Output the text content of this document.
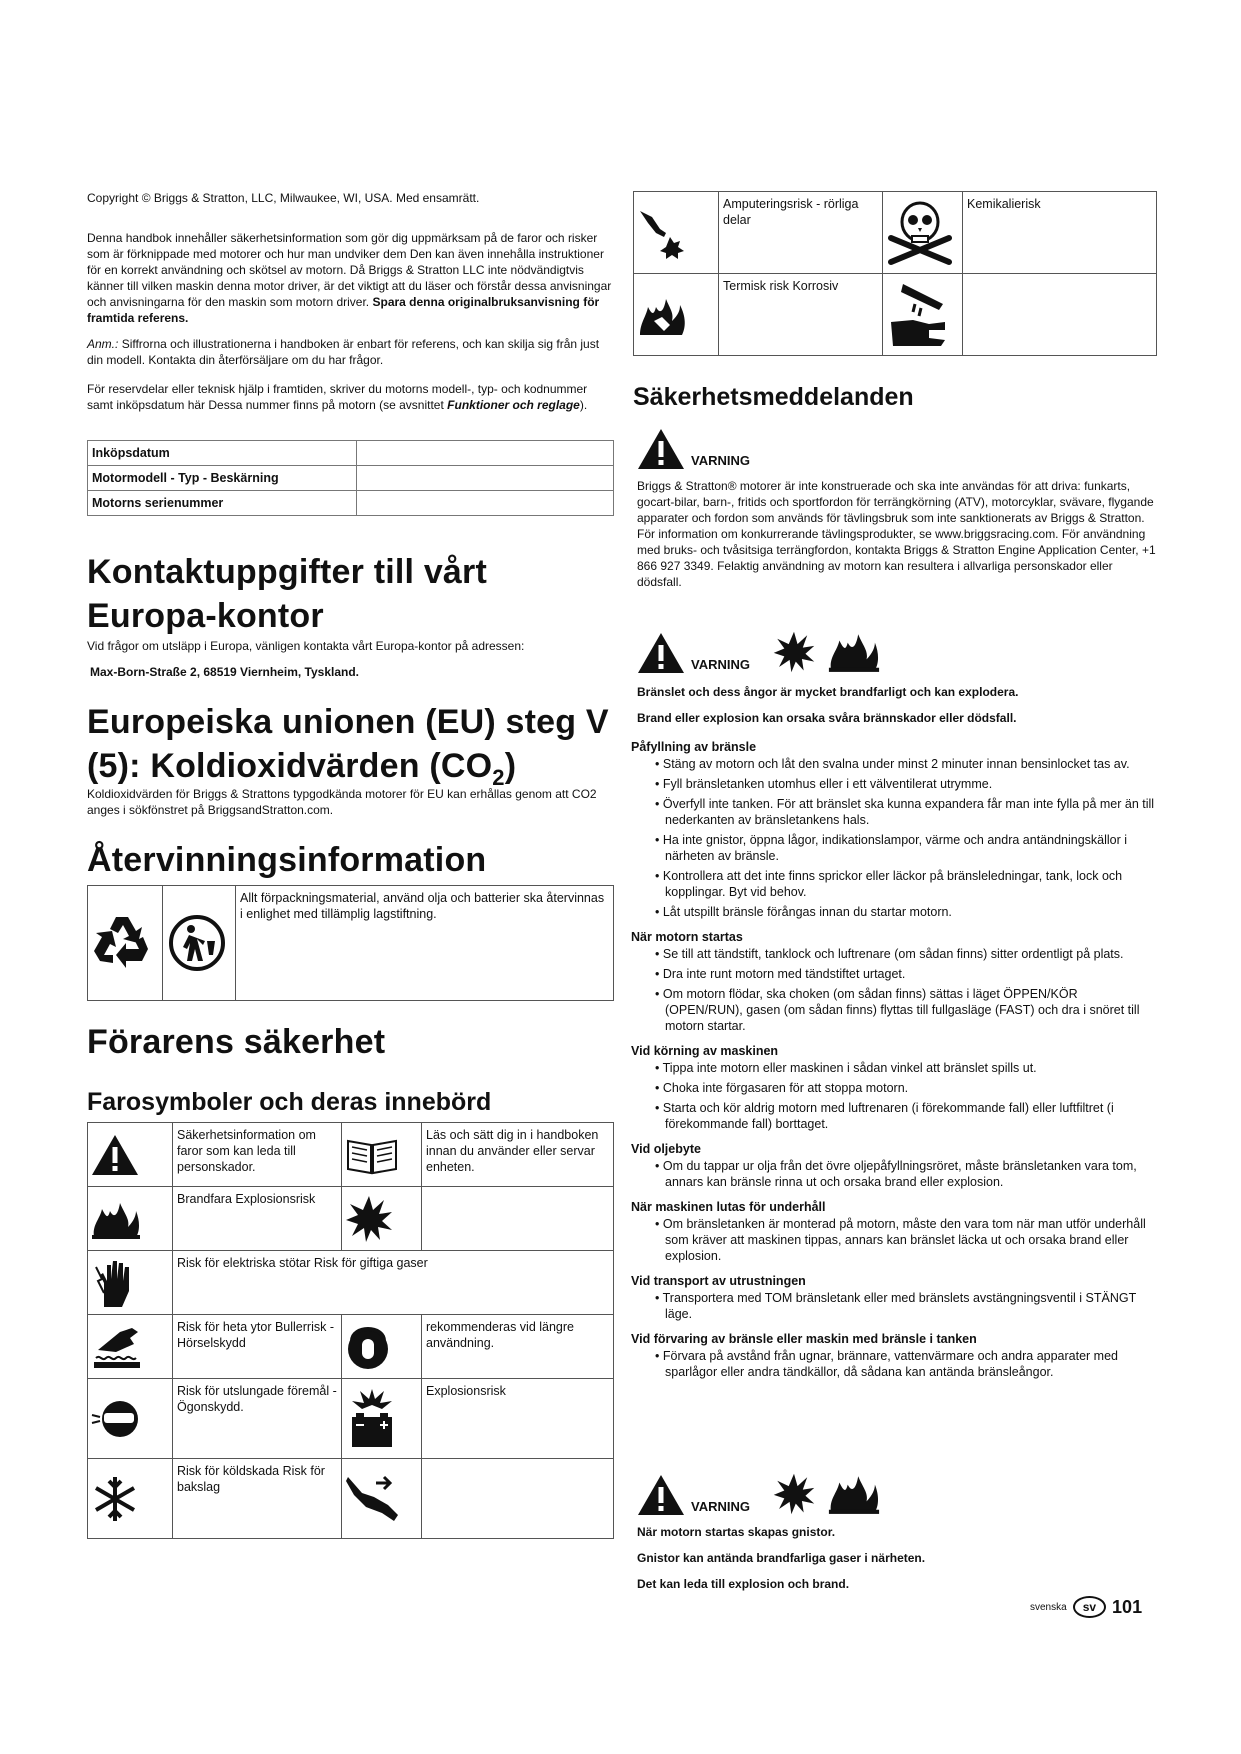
Copyright © Briggs & Stratton, LLC, Milwaukee, WI, USA. Med ensamrätt.
Denna handbok innehåller säkerhetsinformation som gör dig uppmärksam på de faror och risker som är förknippade med motorer och hur man undviker dem Den kan även innehålla instruktioner för en korrekt användning och skötsel av motorn. Då Briggs & Stratton LLC inte nödvändigtvis känner till vilken maskin denna motor driver, är det viktigt att du läser och förstår dessa anvisningar och anvisningarna för den maskin som motorn driver. Spara denna originalbruksanvisning för framtida referens.
Anm.: Siffrorna och illustrationerna i handboken är enbart för referens, och kan skilja sig från just din modell. Kontakta din återförsäljare om du har frågor.
För reservdelar eller teknisk hjälp i framtiden, skriver du motorns modell-, typ- och kodnummer samt inköpsdatum här Dessa nummer finns på motorn (se avsnittet Funktioner och reglage).
Inköpsdatum	
Motormodell - Typ - Beskärning	
Motorns serienummer	
Kontaktuppgifter till vårt Europa-kontor
Vid frågor om utsläpp i Europa, vänligen kontakta vårt Europa-kontor på adressen:
Max-Born-Straße 2, 68519 Viernheim, Tyskland.
Europeiska unionen (EU) steg V (5): Koldioxidvärden $(CO_2)$
Koldioxidvärden för Briggs & Strattons typgodkända motorer för EU kan erhållas genom att CO2 anges i sökfönstret på BriggsandStratton.com.
Återvinningsinformation

	Allt förpackningsmaterial, använd olja och batterier ska återvinnas i enlighet med tillämplig lagstiftning.
Förarens säkerhet
Farosymboler och deras innebörd
	Säkerhetsinformation om faror som kan leda till personskador.		Läs och sätt dig in i handboken innan du använder eller servar enheten.

	Brandfara Explosionsrisk	

	Risk för elektriska stötar Risk för giftiga gaser		

	Risk för heta ytor Bullerrisk - Hörselskydd		rekommenderas vid längre användning.

	Risk för utslungade föremål - Ögonskydd.		Explosionsrisk

	Risk för köldskada Risk för bakslag	

	Amputeringsrisk - rörliga delar		Kemikalierisk

	Termisk risk Korrosiv	

Säkerhetsmeddelanden
VARNING
Briggs & Stratton® motorer är inte konstruerade och ska inte användas för att driva: funkarts, gocart-bilar, barn-, fritids och sportfordon för terrängkörning (ATV), motorcyklar, svävare, flygande apparater och fordon som används för tävlingsbruk som inte sanktionerats av Briggs & Stratton. För information om konkurrerande tävlingsprodukter, se www.briggsracing.com. För användning med bruks- och tvåsitsiga terrängfordon, kontakta Briggs & Stratton Engine Application Center, +1 866 927 3349. Felaktig användning av motorn kan resultera i allvarliga personskador eller dödsfall.
VARNING
Bränslet och dess ångor är mycket brandfarligt och kan explodera.
Brand eller explosion kan orsaka svåra brännskador eller dödsfall.
Påfyllning av bränsle
• Stäng av motorn och låt den svalna under minst 2 minuter innan bensinlocket tas av.
• Fyll bränsletanken utomhus eller i ett välventilerat utrymme.
• Överfyll inte tanken. För att bränslet ska kunna expandera får man inte fylla på mer än till nederkanten av bränsletankens hals.
• Ha inte gnistor, öppna lågor, indikationslampor, värme och andra antändningskällor i närheten av bränsle.
• Kontrollera att det inte finns sprickor eller läckor på bränsleledningar, tank, lock och kopplingar. Byt vid behov.
• Låt utspillt bränsle förångas innan du startar motorn.
När motorn startas
• Se till att tändstift, tanklock och luftrenare (om sådan finns) sitter ordentligt på plats.
• Dra inte runt motorn med tändstiftet urtaget.
• Om motorn flödar, ska choken (om sådan finns) sättas i läget ÖPPEN/KÖR (OPEN/RUN), gasen (om sådan finns) flyttas till fullgasläge (FAST) och dra i snöret till motorn startar.
Vid körning av maskinen
• Tippa inte motorn eller maskinen i sådan vinkel att bränslet spills ut.
• Choka inte förgasaren för att stoppa motorn.
• Starta och kör aldrig motorn med luftrenaren (i förekommande fall) eller luftfiltret (i förekommande fall) borttaget.
Vid oljebyte
• Om du tappar ur olja från det övre oljepåfyllningsröret, måste bränsletanken vara tom, annars kan bränsle rinna ut och orsaka brand eller explosion.
När maskinen lutas för underhåll
• Om bränsletanken är monterad på motorn, måste den vara tom när man utför underhåll som kräver att maskinen tippas, annars kan bränslet läcka ut och orsaka brand eller explosion.
Vid transport av utrustningen
• Transportera med TOM bränsletank eller med bränslets avstängningsventil i STÄNGT läge.
Vid förvaring av bränsle eller maskin med bränsle i tanken
• Förvara på avstånd från ugnar, brännare, vattenvärmare och andra apparater med sparlågor eller andra tändkällor, då sådana kan antända bränsleångor.
VARNING
När motorn startas skapas gnistor.
Gnistor kan antända brandfarliga gaser i närheten.
Det kan leda till explosion och brand.
svenska	sv 101
